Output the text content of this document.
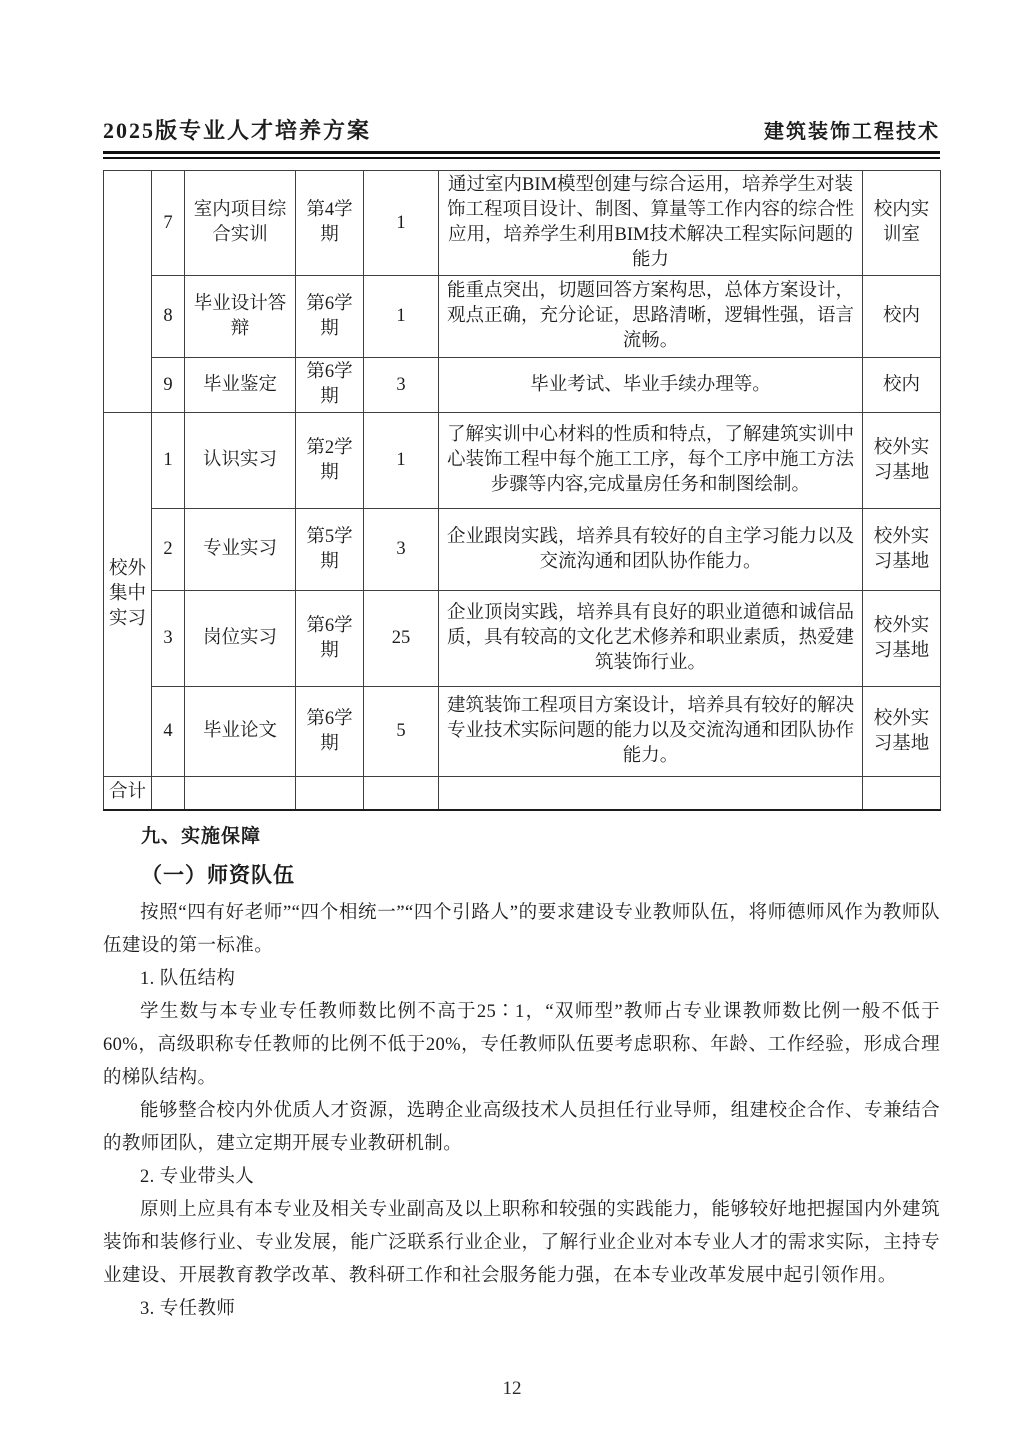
2025版专业人才培养方案	建筑装饰工程技术
	7	室内项目综合实训	第4学期	1	通过室内BIM模型创建与综合运用，培养学生对装饰工程项目设计、制图、算量等工作内容的综合性应用，培养学生利用BIM技术解决工程实际问题的能力	校内实训室
	8	毕业设计答辩	第6学期	1	能重点突出，切题回答方案构思，总体方案设计，观点正确，充分论证，思路清晰，逻辑性强，语言流畅。	校内
	9	毕业鉴定	第6学期	3	毕业考试、毕业手续办理等。	校内
校外集中实习	1	认识实习	第2学期	1	了解实训中心材料的性质和特点，了解建筑实训中心装饰工程中每个施工工序，每个工序中施工方法步骤等内容,完成量房任务和制图绘制。	校外实习基地
	2	专业实习	第5学期	3	企业跟岗实践，培养具有较好的自主学习能力以及交流沟通和团队协作能力。	校外实习基地
	3	岗位实习	第6学期	25	企业顶岗实践，培养具有良好的职业道德和诚信品质，具有较高的文化艺术修养和职业素质，热爱建筑装饰行业。	校外实习基地
	4	毕业论文	第6学期	5	建筑装饰工程项目方案设计，培养具有较好的解决专业技术实际问题的能力以及交流沟通和团队协作能力。	校外实习基地
合计						
九、实施保障
（一）师资队伍

按照“四有好老师”“四个相统一”“四个引路人”的要求建设专业教师队伍，将师德师风作为教师队伍建设的第一标准。

1. 队伍结构

学生数与本专业专任教师数比例不高于25∶1，“双师型”教师占专业课教师数比例一般不低于60%，高级职称专任教师的比例不低于20%，专任教师队伍要考虑职称、年龄、工作经验，形成合理的梯队结构。

能够整合校内外优质人才资源，选聘企业高级技术人员担任行业导师，组建校企合作、专兼结合的教师团队，建立定期开展专业教研机制。

2. 专业带头人

原则上应具有本专业及相关专业副高及以上职称和较强的实践能力，能够较好地把握国内外建筑装饰和装修行业、专业发展，能广泛联系行业企业，了解行业企业对本专业人才的需求实际，主持专业建设、开展教育教学改革、教科研工作和社会服务能力强，在本专业改革发展中起引领作用。

3. 专任教师

12
